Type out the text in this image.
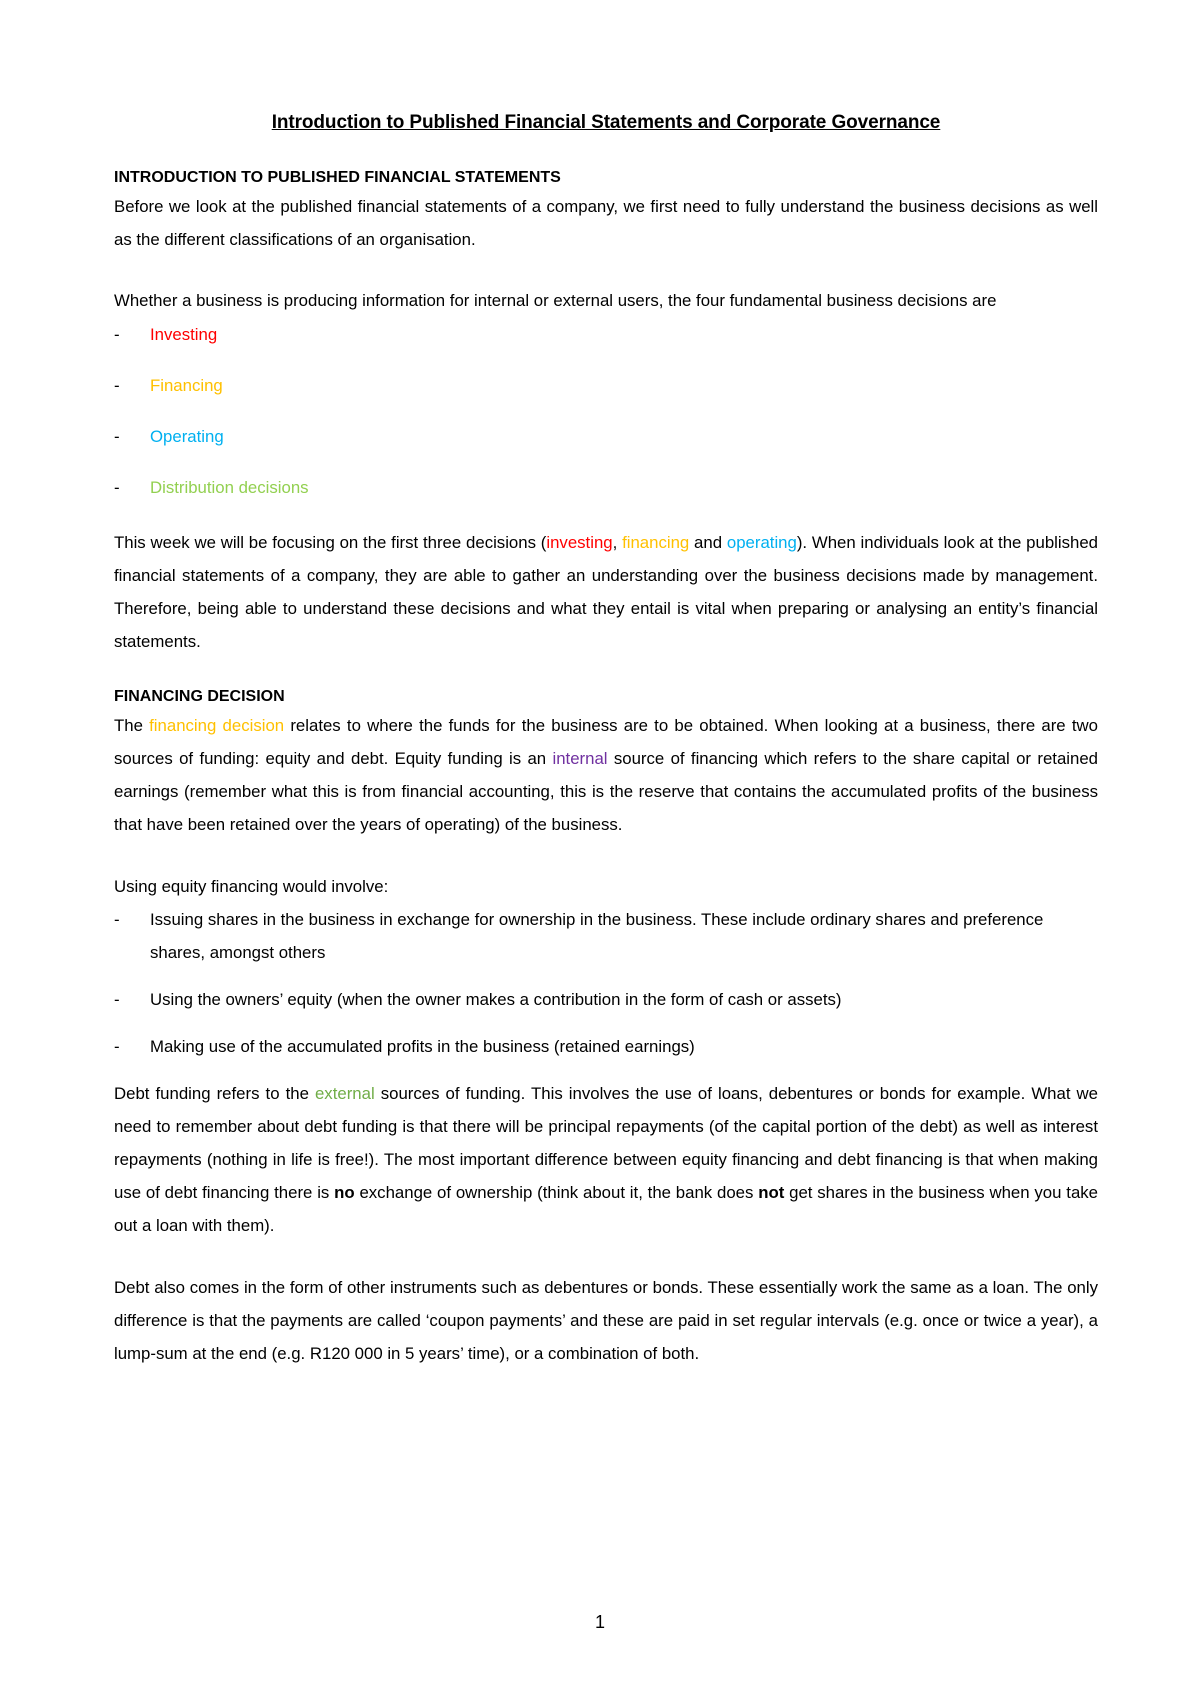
Introduction to Published Financial Statements and Corporate Governance
INTRODUCTION TO PUBLISHED FINANCIAL STATEMENTS

Before we look at the published financial statements of a company, we first need to fully understand the business decisions as well as the different classifications of an organisation.

Whether a business is producing information for internal or external users, the four fundamental business decisions are

- Investing
- Financing
- Operating
- Distribution decisions

This week we will be focusing on the first three decisions (investing, financing and operating). When individuals look at the published financial statements of a company, they are able to gather an understanding over the business decisions made by management. Therefore, being able to understand these decisions and what they entail is vital when preparing or analysing an entity’s financial statements.

FINANCING DECISION

The financing decision relates to where the funds for the business are to be obtained. When looking at a business, there are two sources of funding: equity and debt. Equity funding is an internal source of financing which refers to the share capital or retained earnings (remember what this is from financial accounting, this is the reserve that contains the accumulated profits of the business that have been retained over the years of operating) of the business.

Using equity financing would involve:

- Issuing shares in the business in exchange for ownership in the business. These include ordinary shares and preference shares, amongst others
- Using the owners’ equity (when the owner makes a contribution in the form of cash or assets)
- Making use of the accumulated profits in the business (retained earnings)

Debt funding refers to the external sources of funding. This involves the use of loans, debentures or bonds for example. What we need to remember about debt funding is that there will be principal repayments (of the capital portion of the debt) as well as interest repayments (nothing in life is free!). The most important difference between equity financing and debt financing is that when making use of debt financing there is no exchange of ownership (think about it, the bank does not get shares in the business when you take out a loan with them).

Debt also comes in the form of other instruments such as debentures or bonds. These essentially work the same as a loan. The only difference is that the payments are called ‘coupon payments’ and these are paid in set regular intervals (e.g. once or twice a year), a lump-sum at the end (e.g. R120 000 in 5 years’ time), or a combination of both.

1
